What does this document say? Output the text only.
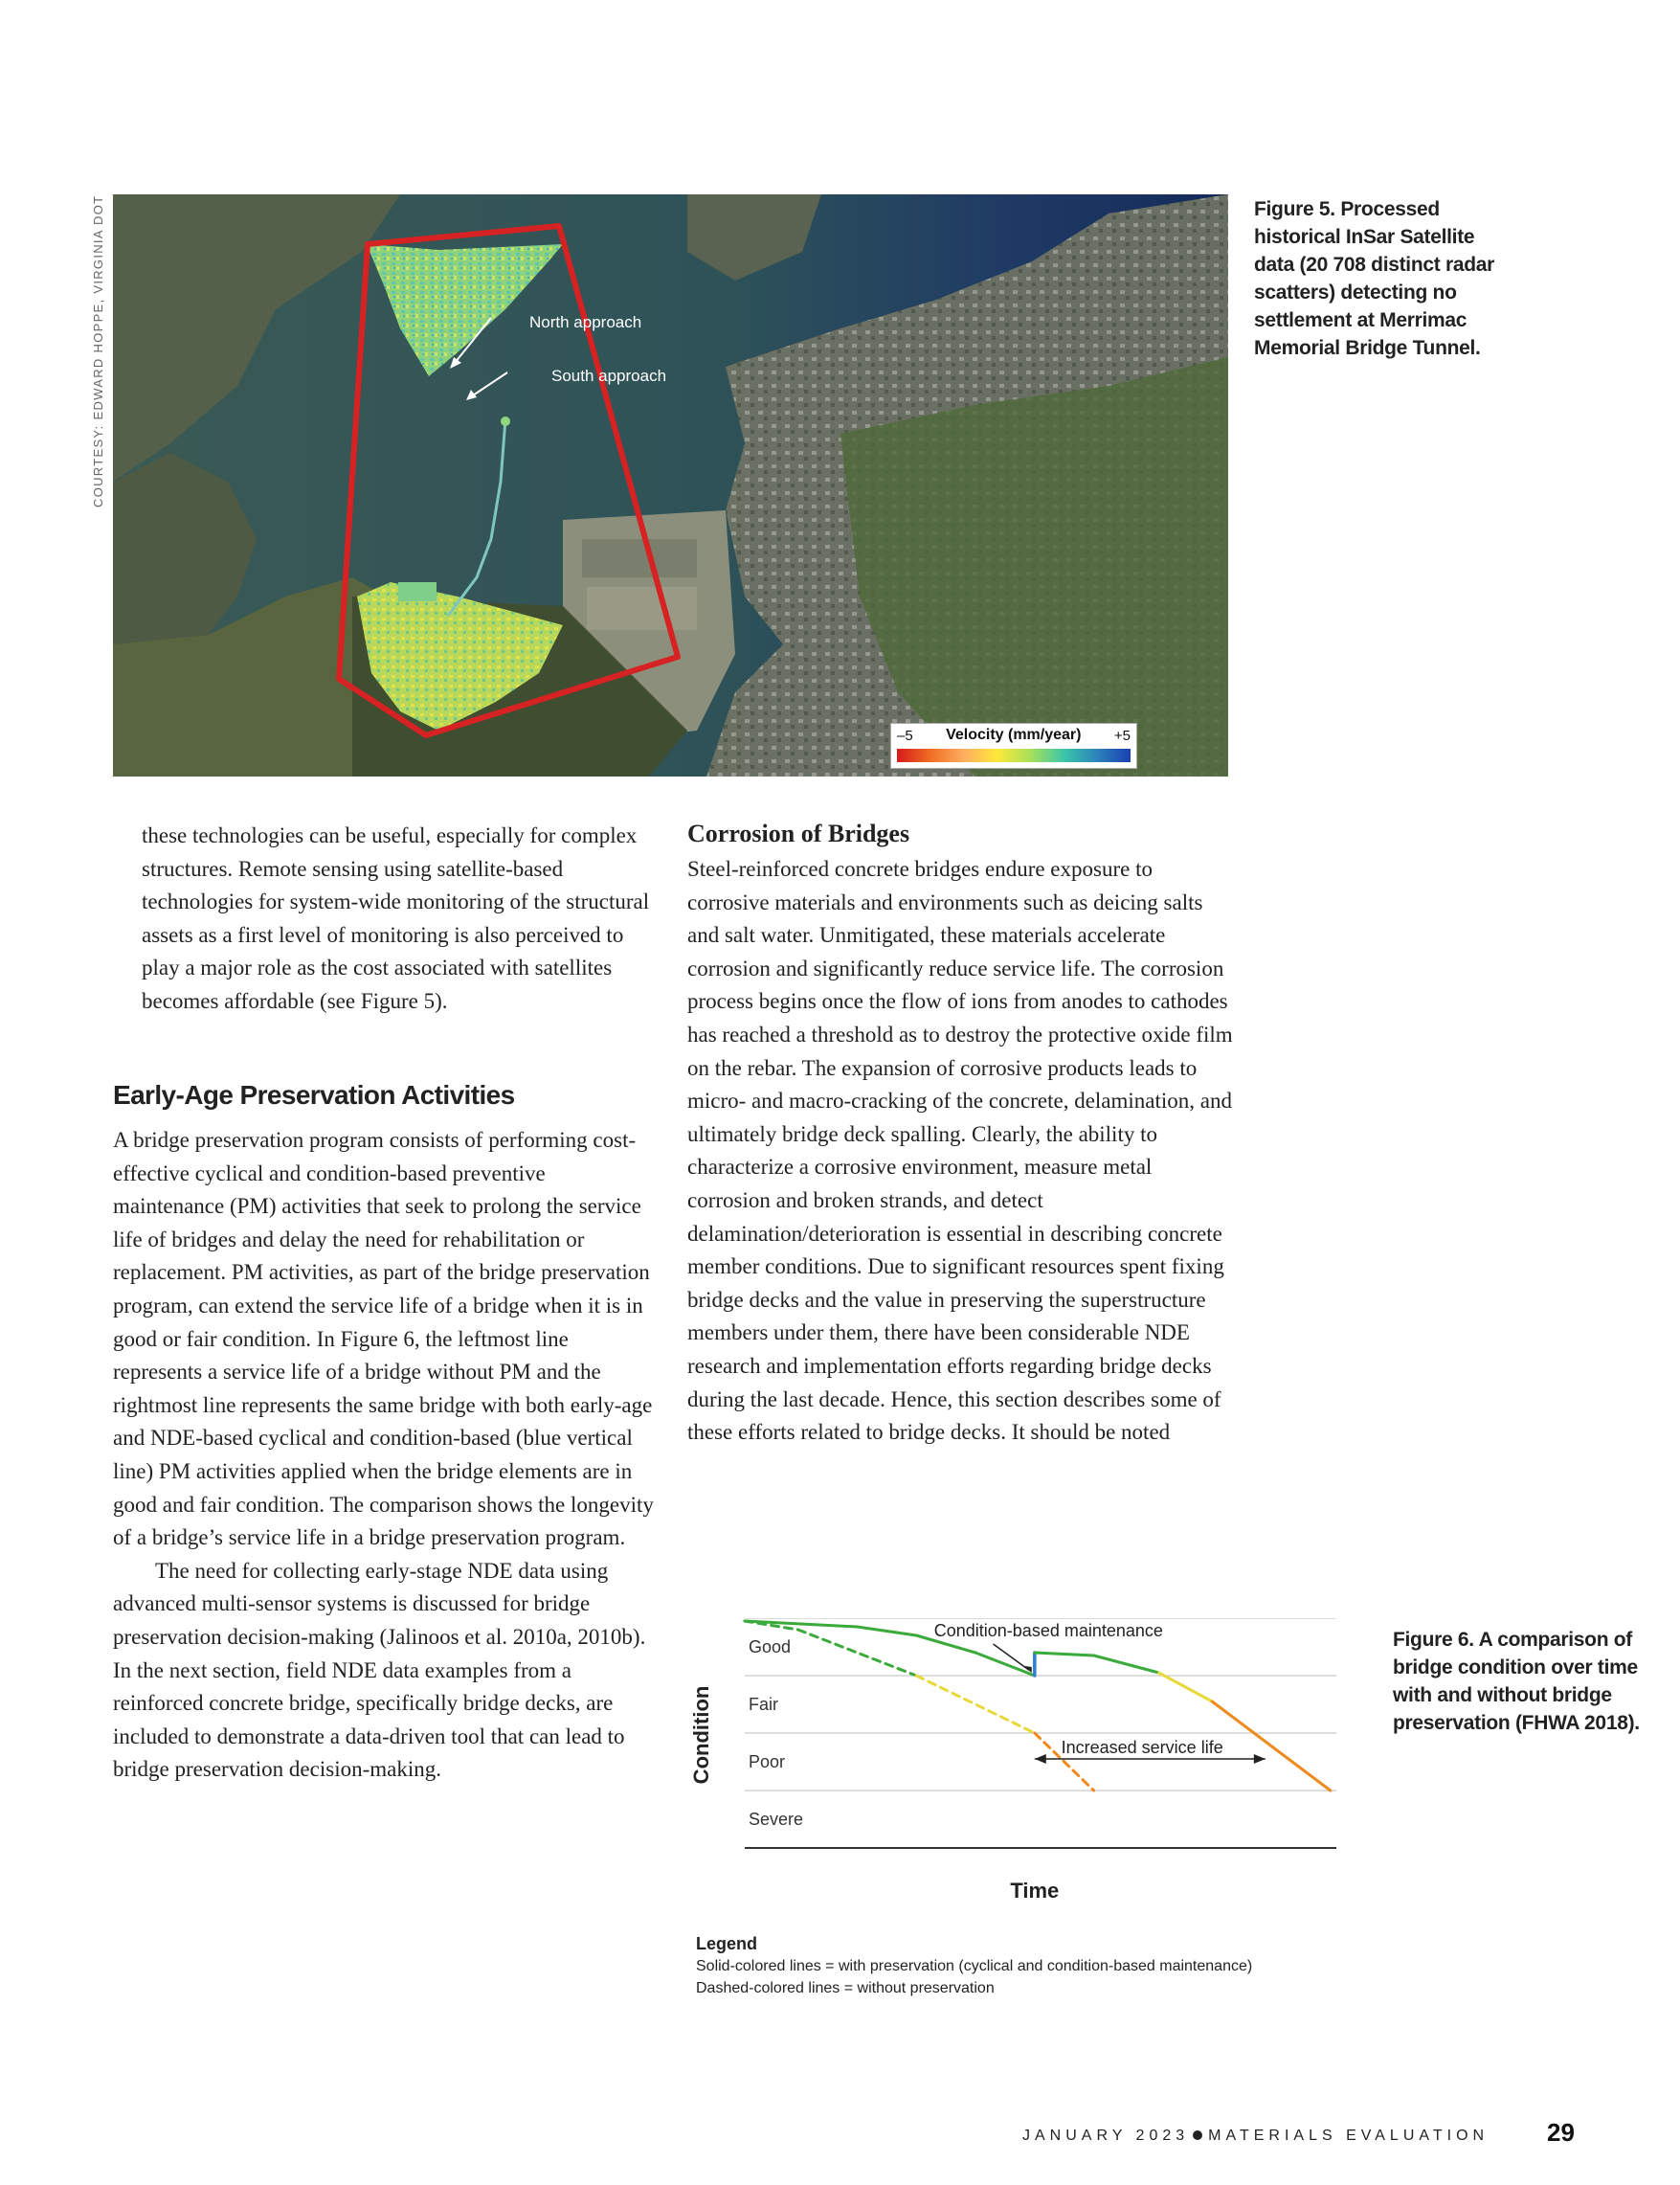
COURTESY: EDWARD HOPPE, VIRGINIA DOT	North approach
South approach
–5 Velocity (mm/year) +5
Figure 5. Processed historical InSar Satellite data (20 708 distinct radar scatters) detecting no settlement at Merrimac Memorial Bridge Tunnel.

these technologies can be useful, especially for complex structures. Remote sensing using satellite-based technologies for system-wide monitoring of the structural assets as a first level of monitoring is also perceived to play a major role as the cost associated with satellites becomes affordable (see Figure 5).

Early-Age Preservation Activities

A bridge preservation program consists of performing cost-effective cyclical and condition-based preventive maintenance (PM) activities that seek to prolong the service life of bridges and delay the need for rehabilitation or replacement. PM activities, as part of the bridge preservation program, can extend the service life of a bridge when it is in good or fair condition. In Figure 6, the leftmost line represents a service life of a bridge without PM and the rightmost line represents the same bridge with both early-age and NDE-based cyclical and condition-based (blue vertical line) PM activities applied when the bridge elements are in good and fair condition. The comparison shows the longevity of a bridge’s service life in a bridge preservation program.

The need for collecting early-stage NDE data using advanced multi-sensor systems is discussed for bridge preservation decision-making (Jalinoos et al. 2010a, 2010b). In the next section, field NDE data examples from a reinforced concrete bridge, specifically bridge decks, are included to demonstrate a data-driven tool that can lead to bridge preservation decision-making.

Corrosion of Bridges

Steel-reinforced concrete bridges endure exposure to corrosive materials and environments such as deicing salts and salt water. Unmitigated, these materials accelerate corrosion and significantly reduce service life. The corrosion process begins once the flow of ions from anodes to cathodes has reached a threshold as to destroy the protective oxide film on the rebar. The expansion of corrosive products leads to micro- and macro-cracking of the concrete, delamination, and ultimately bridge deck spalling. Clearly, the ability to characterize a corrosive environment, measure metal corrosion and broken strands, and detect delamination/deterioration is essential in describing concrete member conditions. Due to significant resources spent fixing bridge decks and the value in preserving the superstructure members under them, there have been considerable NDE research and implementation efforts regarding bridge decks during the last decade. Hence, this section describes some of these efforts related to bridge decks. It should be noted

Good
Fair
Poor
Severe
Condition
Time
Condition-based maintenance
Increased service life
Figure 6. A comparison of bridge condition over time with and without bridge preservation (FHWA 2018).
Legend
Solid-colored lines = with preservation (cyclical and condition-based maintenance)
Dashed-colored lines = without preservation
JANUARY 2023 MATERIALS EVALUATION 29
